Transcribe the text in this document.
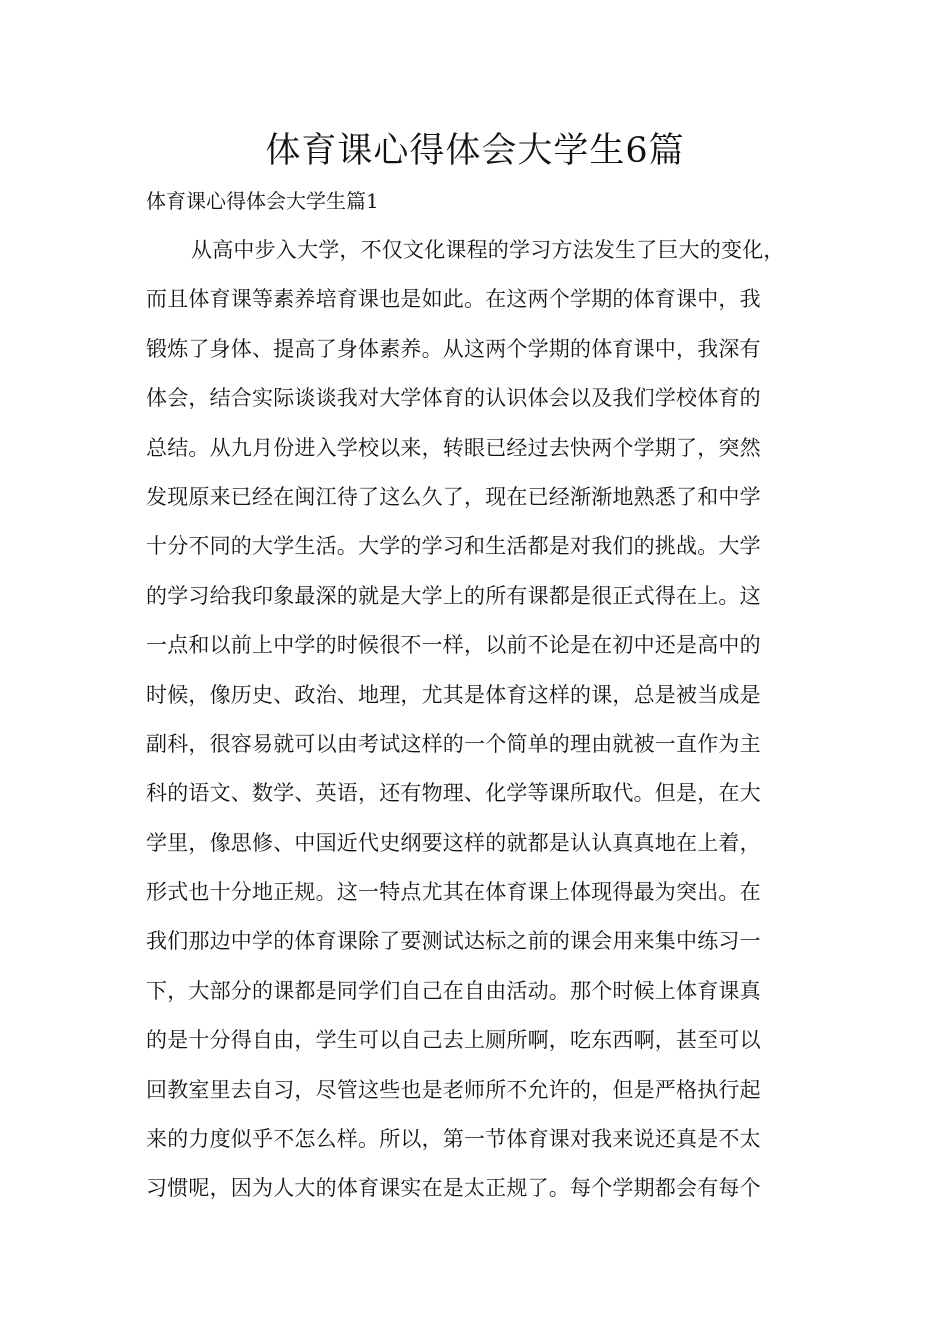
体育课心得体会大学生6篇

体育课心得体会大学生篇1

从高中步入大学，不仅文化课程的学习方法发生了巨大的变化，
而且体育课等素养培育课也是如此。在这两个学期的体育课中，我
锻炼了身体、提高了身体素养。从这两个学期的体育课中，我深有
体会，结合实际谈谈我对大学体育的认识体会以及我们学校体育的
总结。从九月份进入学校以来，转眼已经过去快两个学期了，突然
发现原来已经在闽江待了这么久了，现在已经渐渐地熟悉了和中学
十分不同的大学生活。大学的学习和生活都是对我们的挑战。大学
的学习给我印象最深的就是大学上的所有课都是很正式得在上。这
一点和以前上中学的时候很不一样，以前不论是在初中还是高中的
时候，像历史、政治、地理，尤其是体育这样的课，总是被当成是
副科，很容易就可以由考试这样的一个简单的理由就被一直作为主
科的语文、数学、英语，还有物理、化学等课所取代。但是，在大
学里，像思修、中国近代史纲要这样的就都是认认真真地在上着，
形式也十分地正规。这一特点尤其在体育课上体现得最为突出。在
我们那边中学的体育课除了要测试达标之前的课会用来集中练习一
下，大部分的课都是同学们自己在自由活动。那个时候上体育课真
的是十分得自由，学生可以自己去上厕所啊，吃东西啊，甚至可以
回教室里去自习，尽管这些也是老师所不允许的，但是严格执行起
来的力度似乎不怎么样。所以，第一节体育课对我来说还真是不太
习惯呢，因为人大的体育课实在是太正规了。每个学期都会有每个
